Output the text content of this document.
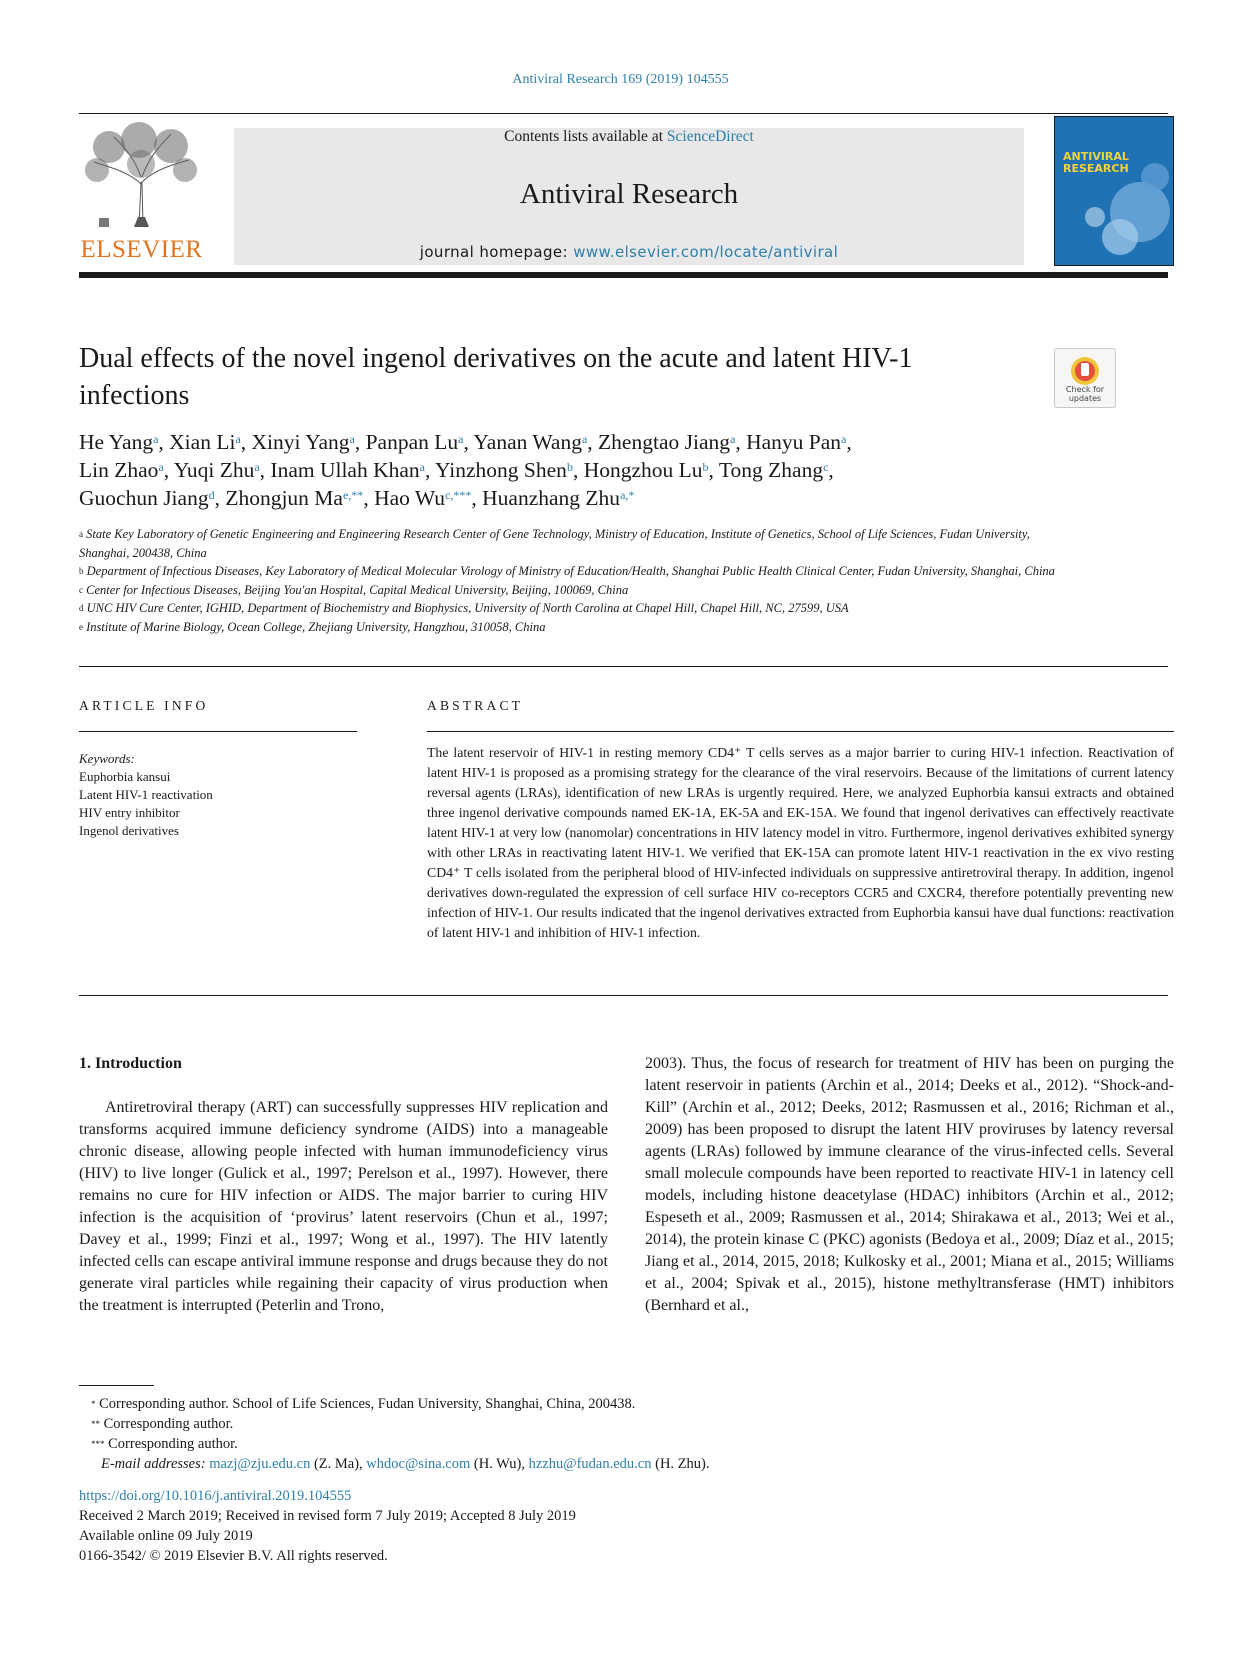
Antiviral Research 169 (2019) 104555
ELSEVIER
Contents lists available at ScienceDirect
Antiviral Research
journal homepage: www.elsevier.com/locate/antiviral
ANTIVIRAL RESEARCH
Dual effects of the novel ingenol derivatives on the acute and latent HIV-1 infections	Check for updates
He Yang$^a$, Xian Li$^a$, Xinyi Yang$^a$, Panpan Lu$^a$, Yanan Wang$^a$, Zhengtao Jiang$^a$, Hanyu Pan$^a$,
Lin Zhao$^a$, Yuqi Zhu$^a$, Inam Ullah Khan$^a$, Yinzhong Shen$^b$, Hongzhou Lu$^b$, Tong Zhang$^c$,
Guochun Jiang$^d$, Zhongjun $Ma^{e,**}$, Hao $Wu^{c,***}$, Huanzhang Zhu$^{a,*}$
$^a$ State Key Laboratory of Genetic Engineering and Engineering Research Center of Gene Technology, Ministry of Education, Institute of Genetics, School of Life Sciences, Fudan University, Shanghai, 200438, China
$^b$ Department of Infectious Diseases, Key Laboratory of Medical Molecular Virology of Ministry of Education/Health, Shanghai Public Health Clinical Center, Fudan University, Shanghai, China
$^c$ Center for Infectious Diseases, Beijing You'an Hospital, Capital Medical University, Beijing, 100069, China
$^d$ UNC HIV Cure Center, IGHID, Department of Biochemistry and Biophysics, University of North Carolina at Chapel Hill, Chapel Hill, NC, 27599, USA
$^e$ Institute of Marine Biology, Ocean College, Zhejiang University, Hangzhou, 310058, China
ARTICLE INFO
Keywords:
Euphorbia kansui
Latent HIV-1 reactivation
HIV entry inhibitor
Ingenol derivatives
ABSTRACT
The latent reservoir of HIV-1 in resting memory CD4⁺ T cells serves as a major barrier to curing HIV-1 infection. Reactivation of latent HIV-1 is proposed as a promising strategy for the clearance of the viral reservoirs. Because of the limitations of current latency reversal agents (LRAs), identification of new LRAs is urgently required. Here, we analyzed Euphorbia kansui extracts and obtained three ingenol derivative compounds named EK-1A, EK-5A and EK-15A. We found that ingenol derivatives can effectively reactivate latent HIV-1 at very low (nanomolar) concentrations in HIV latency model in vitro. Furthermore, ingenol derivatives exhibited synergy with other LRAs in reactivating latent HIV-1. We verified that EK-15A can promote latent HIV-1 reactivation in the ex vivo resting CD4⁺ T cells isolated from the peripheral blood of HIV-infected individuals on suppressive antiretroviral therapy. In addition, ingenol derivatives down-regulated the expression of cell surface HIV co-receptors CCR5 and CXCR4, therefore potentially preventing new infection of HIV-1. Our results indicated that the ingenol derivatives extracted from Euphorbia kansui have dual functions: reactivation of latent HIV-1 and inhibition of HIV-1 infection.
1. Introduction
Antiretroviral therapy (ART) can successfully suppresses HIV replication and transforms acquired immune deficiency syndrome (AIDS) into a manageable chronic disease, allowing people infected with human immunodeficiency virus (HIV) to live longer (Gulick et al., 1997; Perelson et al., 1997). However, there remains no cure for HIV infection or AIDS. The major barrier to curing HIV infection is the acquisition of ‘provirus’ latent reservoirs (Chun et al., 1997; Davey et al., 1999; Finzi et al., 1997; Wong et al., 1997). The HIV latently infected cells can escape antiviral immune response and drugs because they do not generate viral particles while regaining their capacity of virus production when the treatment is interrupted (Peterlin and Trono,
2003). Thus, the focus of research for treatment of HIV has been on purging the latent reservoir in patients (Archin et al., 2014; Deeks et al., 2012). “Shock-and-Kill” (Archin et al., 2012; Deeks, 2012; Rasmussen et al., 2016; Richman et al., 2009) has been proposed to disrupt the latent HIV proviruses by latency reversal agents (LRAs) followed by immune clearance of the virus-infected cells. Several small molecule compounds have been reported to reactivate HIV-1 in latency cell models, including histone deacetylase (HDAC) inhibitors (Archin et al., 2012; Espeseth et al., 2009; Rasmussen et al., 2014; Shirakawa et al., 2013; Wei et al., 2014), the protein kinase C (PKC) agonists (Bedoya et al., 2009; Díaz et al., 2015; Jiang et al., 2014, 2015, 2018; Kulkosky et al., 2001; Miana et al., 2015; Williams et al., 2004; Spivak et al., 2015), histone methyltransferase (HMT) inhibitors (Bernhard et al.,
* Corresponding author. School of Life Sciences, Fudan University, Shanghai, China, 200438.
** Corresponding author.
*** Corresponding author.
E-mail addresses: mazj@zju.edu.cn (Z. Ma), whdoc@sina.com (H. Wu), hzzhu@fudan.edu.cn (H. Zhu).
https://doi.org/10.1016/j.antiviral.2019.104555
Received 2 March 2019; Received in revised form 7 July 2019; Accepted 8 July 2019
Available online 09 July 2019
0166-3542/ © 2019 Elsevier B.V. All rights reserved.
